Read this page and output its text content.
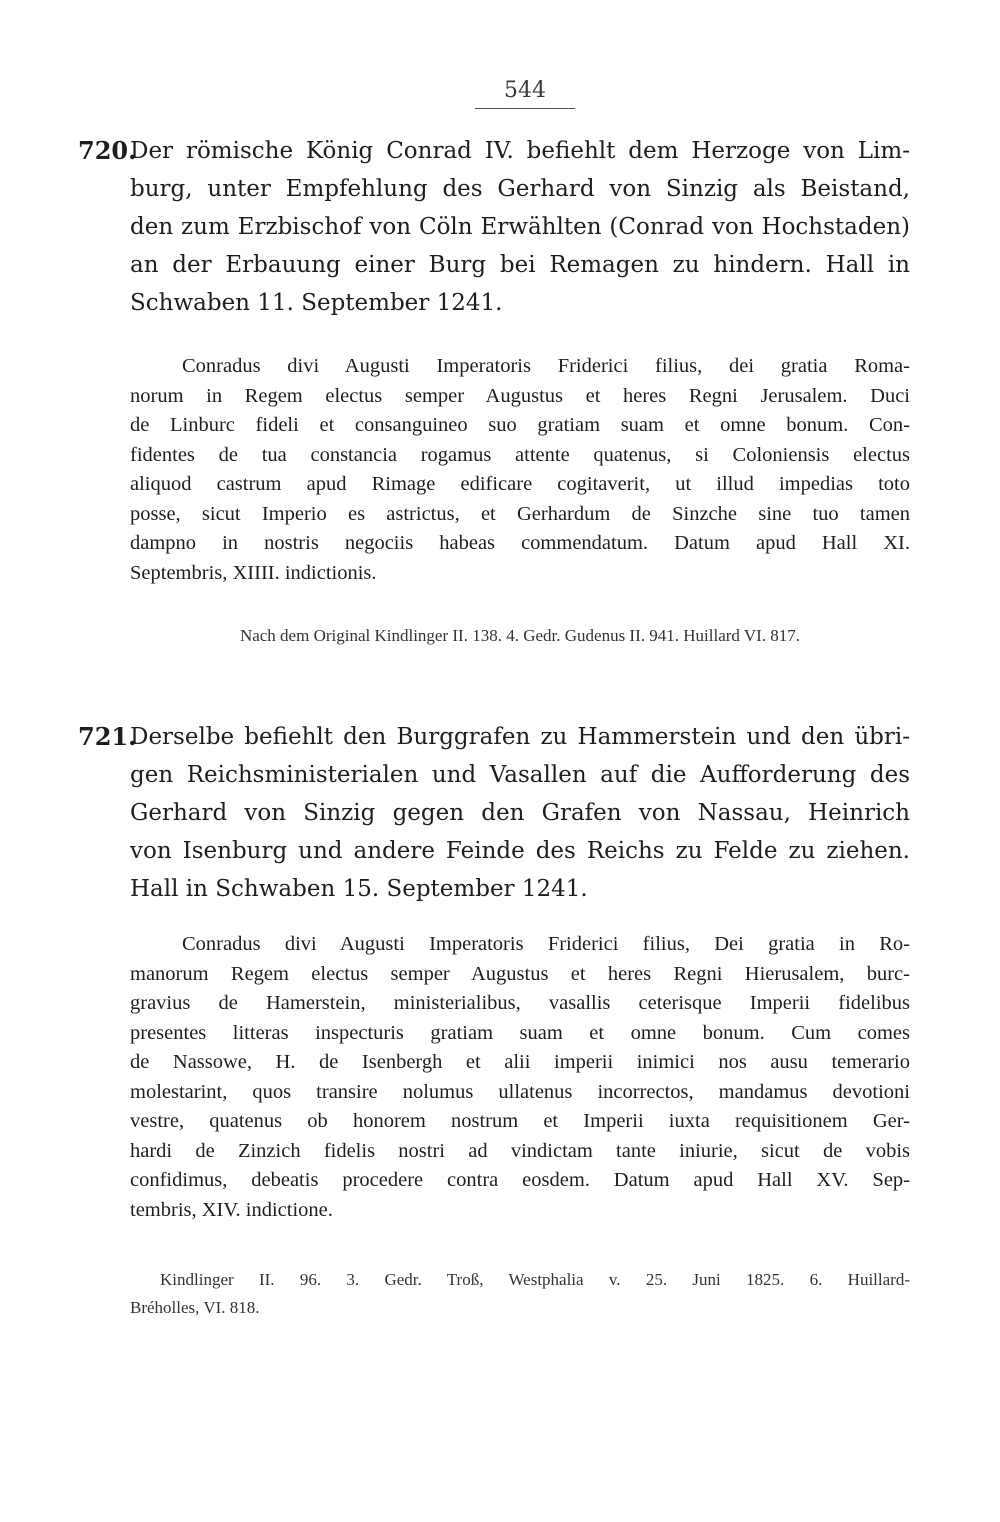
544
720.
Der römische König Conrad IV. befiehlt dem Herzoge von Lim-
burg, unter Empfehlung des Gerhard von Sinzig als Beistand,
den zum Erzbischof von Cöln Erwählten (Conrad von Hochstaden)
an der Erbauung einer Burg bei Remagen zu hindern. Hall in
Schwaben 11. September 1241.
Conradus divi Augusti Imperatoris Friderici filius, dei gratia Roma-
norum in Regem electus semper Augustus et heres Regni Jerusalem. Duci
de Linburc fideli et consanguineo suo gratiam suam et omne bonum. Con-
fidentes de tua constancia rogamus attente quatenus, si Coloniensis electus
aliquod castrum apud Rimage edificare cogitaverit, ut illud impedias toto
posse, sicut Imperio es astrictus, et Gerhardum de Sinzche sine tuo tamen
dampno in nostris negociis habeas commendatum. Datum apud Hall XI.
Septembris, XIIII. indictionis.
Nach dem Original Kindlinger II. 138. 4. Gedr. Gudenus II. 941. Huillard VI. 817.
721.
Derselbe befiehlt den Burggrafen zu Hammerstein und den übri-
gen Reichsministerialen und Vasallen auf die Aufforderung des
Gerhard von Sinzig gegen den Grafen von Nassau, Heinrich
von Isenburg und andere Feinde des Reichs zu Felde zu ziehen.
Hall in Schwaben 15. September 1241.
Conradus divi Augusti Imperatoris Friderici filius, Dei gratia in Ro-
manorum Regem electus semper Augustus et heres Regni Hierusalem, burc-
gravius de Hamerstein, ministerialibus, vasallis ceterisque Imperii fidelibus
presentes litteras inspecturis gratiam suam et omne bonum. Cum comes
de Nassowe, H. de Isenbergh et alii imperii inimici nos ausu temerario
molestarint, quos transire nolumus ullatenus incorrectos, mandamus devotioni
vestre, quatenus ob honorem nostrum et Imperii iuxta requisitionem Ger-
hardi de Zinzich fidelis nostri ad vindictam tante iniurie, sicut de vobis
confidimus, debeatis procedere contra eosdem. Datum apud Hall XV. Sep-
tembris, XIV. indictione.
Kindlinger II. 96. 3. Gedr. Troß, Westphalia v. 25. Juni 1825. 6. Huillard-
Bréholles, VI. 818.
